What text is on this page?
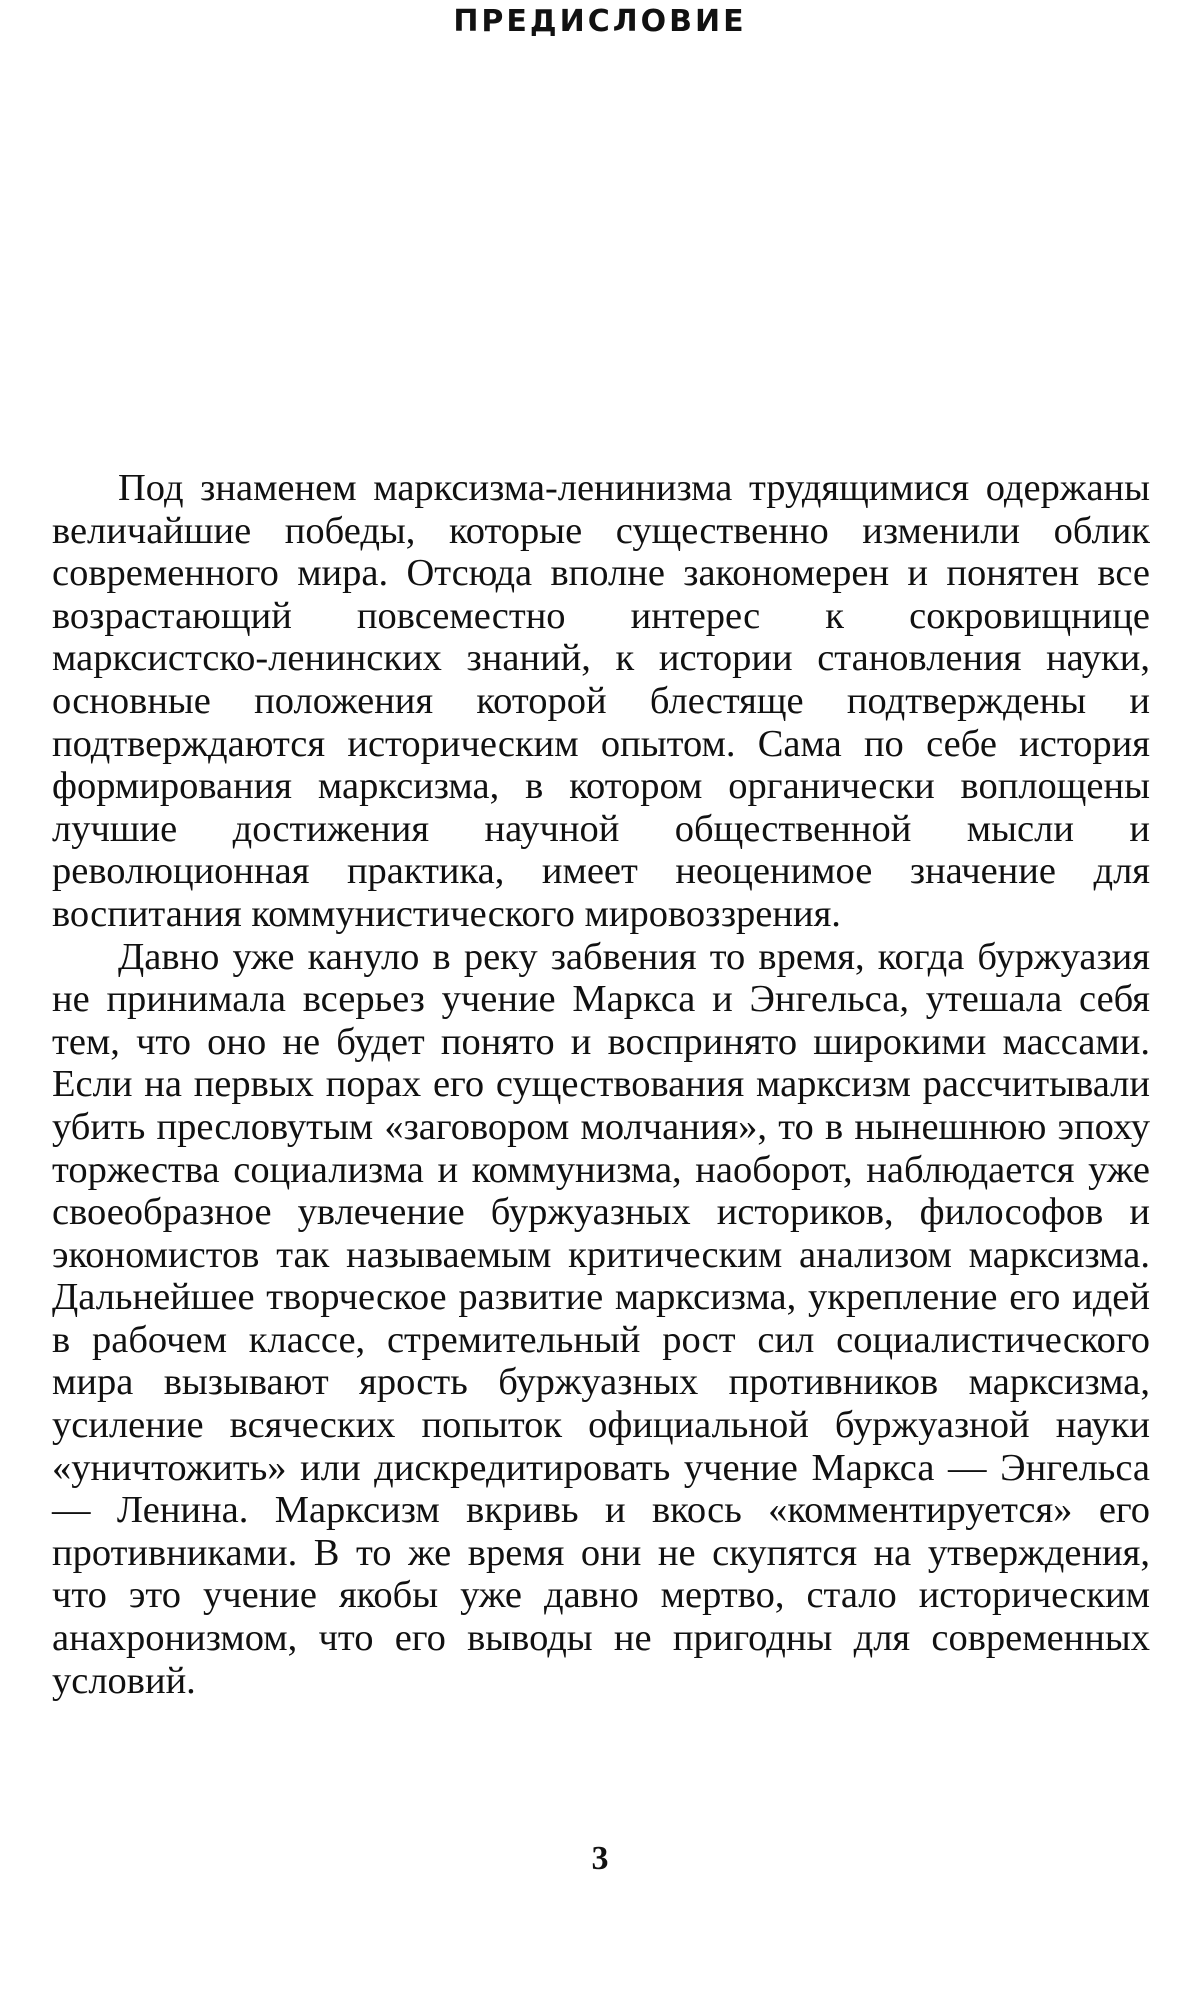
ПРЕДИСЛОВИЕ

Под знаменем марксизма-ленинизма трудящимися одержаны величайшие победы, которые существенно изменили облик современного мира. Отсюда вполне закономерен и понятен все возрастающий повсеместно интерес к сокровищнице марксистско-ленинских знаний, к истории становления науки, основные положения которой блестяще подтверждены и подтверждаются историческим опытом. Сама по себе история формирования марксизма, в котором органически воплощены лучшие достижения научной общественной мысли и революционная практика, имеет неоценимое значение для воспитания коммунистического мировоззрения.

Давно уже кануло в реку забвения то время, когда буржуазия не принимала всерьез учение Маркса и Энгельса, утешала себя тем, что оно не будет понято и воспринято широкими массами. Если на первых порах его существования марксизм рассчитывали убить пресловутым «заговором молчания», то в нынешнюю эпоху торжества социализма и коммунизма, наоборот, наблюдается уже своеобразное увлечение буржуазных историков, философов и экономистов так называемым критическим анализом марксизма. Дальнейшее творческое развитие марксизма, укрепление его идей в рабочем классе, стремительный рост сил социалистического мира вызывают ярость буржуазных противников марксизма, усиление всяческих попыток официальной буржуазной науки «уничтожить» или дискредитировать учение Маркса — Энгельса — Ленина. Марксизм вкривь и вкось «комментируется» его противниками. В то же время они не скупятся на утверждения, что это учение якобы уже давно мертво, стало историческим анахронизмом, что его выводы не пригодны для современных условий.

3
